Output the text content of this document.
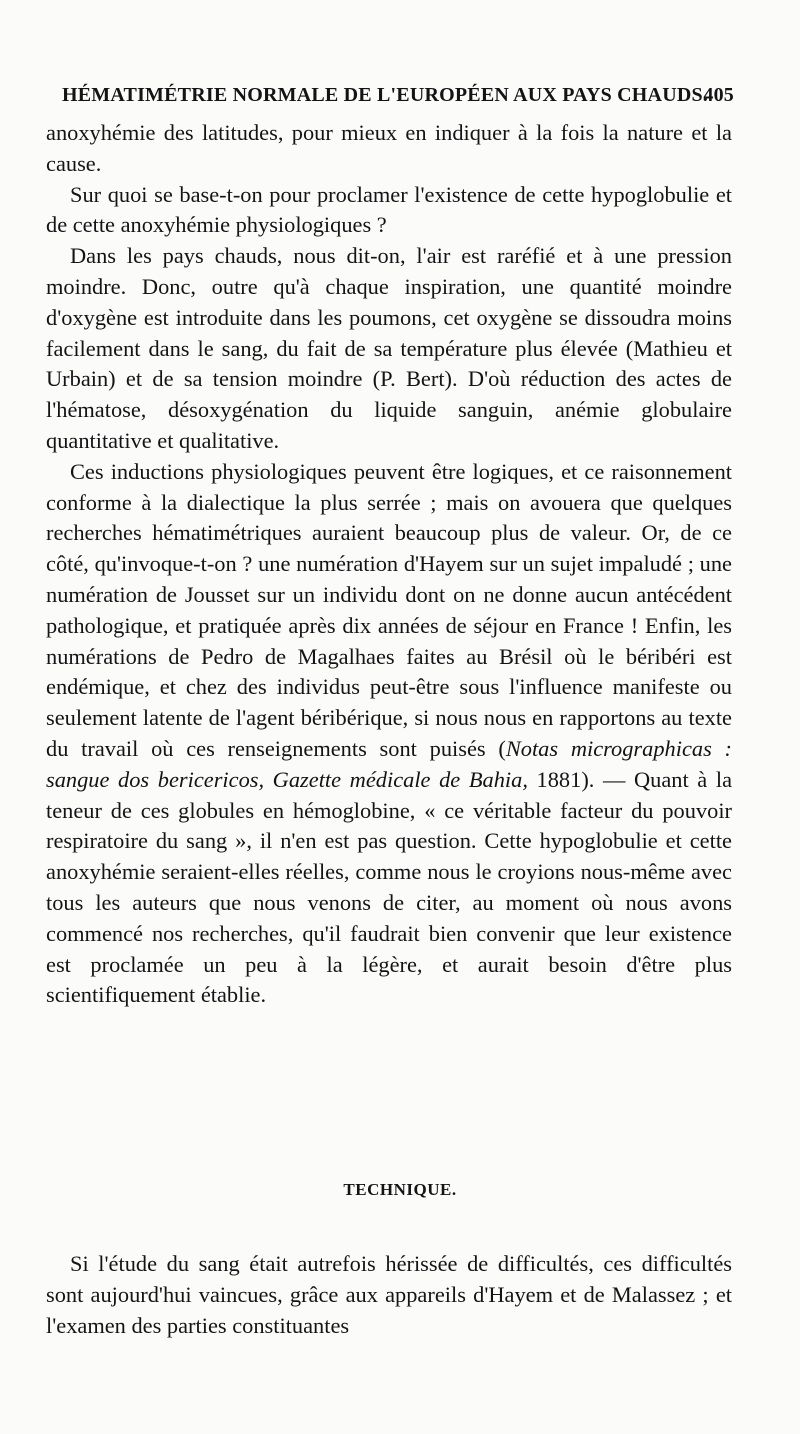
HÉMATIMÉTRIE NORMALE DE L'EUROPÉEN AUX PAYS CHAUDS.
405

anoxyhémie des latitudes, pour mieux en indiquer à la fois la nature et la cause.

Sur quoi se base-t-on pour proclamer l'existence de cette hypoglobulie et de cette anoxyhémie physiologiques ?

Dans les pays chauds, nous dit-on, l'air est raréfié et à une pression moindre. Donc, outre qu'à chaque inspiration, une quantité moindre d'oxygène est introduite dans les poumons, cet oxygène se dissoudra moins facilement dans le sang, du fait de sa température plus élevée (Mathieu et Urbain) et de sa tension moindre (P. Bert). D'où réduction des actes de l'hématose, désoxygénation du liquide sanguin, anémie globulaire quantitative et qualitative.

Ces inductions physiologiques peuvent être logiques, et ce raisonnement conforme à la dialectique la plus serrée ; mais on avouera que quelques recherches hématimétriques auraient beaucoup plus de valeur. Or, de ce côté, qu'invoque-t-on ? une numération d'Hayem sur un sujet impaludé ; une numération de Jousset sur un individu dont on ne donne aucun antécédent pathologique, et pratiquée après dix années de séjour en France ! Enfin, les numérations de Pedro de Magalhaes faites au Brésil où le béribéri est endémique, et chez des individus peut-être sous l'influence manifeste ou seulement latente de l'agent béribérique, si nous nous en rapportons au texte du travail où ces renseignements sont puisés (Notas micrographicas : sangue dos bericericos, Gazette médicale de Bahia, 1881). — Quant à la teneur de ces globules en hémoglobine, « ce véritable facteur du pouvoir respiratoire du sang », il n'en est pas question. Cette hypoglobulie et cette anoxyhémie seraient-elles réelles, comme nous le croyions nous-même avec tous les auteurs que nous venons de citer, au moment où nous avons commencé nos recherches, qu'il faudrait bien convenir que leur existence est proclamée un peu à la légère, et aurait besoin d'être plus scientifiquement établie.

TECHNIQUE.

Si l'étude du sang était autrefois hérissée de difficultés, ces difficultés sont aujourd'hui vaincues, grâce aux appareils d'Hayem et de Malassez ; et l'examen des parties constituantes
